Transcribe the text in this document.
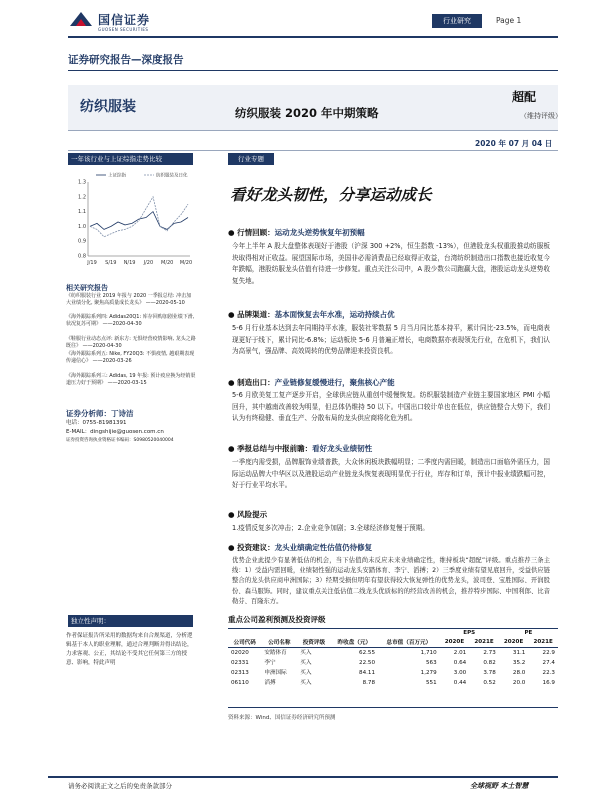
国信证券
GUOSEN SECURITIES
行业研究	Page 1
证券研究报告—深度报告
纺织服装	纺织服装 2020 年中期策略
超配
（维持评级）
2020 年 07 月 04 日
一年该行业与上证综指走势比较
0.8
0.9
1.0
1.1
1.2
1.3
J/19 S/19 N/19 J/20 M/20 M/20
上证综指	纺织服装及日化
相关研究报告
《纺织服装行业 2019 年报与 2020 一季报总结: 冲击加大业绩分化, 聚焦高质量成长龙头》 ——2020-05-10
《海外跟踪系列四: Adidas20Q1: 库存回购加剧业绩下滑, 状况复苏可期》 ——2020-04-30
《鞋服行业动态点评: 新东方: 无惧经营疫情影响, 龙头之路既往》 ——2020-04-30
《海外跟踪系列五: Nike, FY20Q3: 不惧疫情, 越艰期表现传递信心》 ——2020-03-26
《海外跟踪系列三: Adidas, 19 年报: 预计疫应换为经销渠道压力好于预期》 ——2020-03-15
证券分析师：丁诗洁
电话：0755-81981391
E-MAIL：dingshijie@guosen.com.cn
证券投资咨询执业资格证书编码：S0980520040004
独立性声明：
作者保证报告所采用的数据均来自合规渠道，分析逻辑基于本人的职业理解，通过合理判断并得出结论，力求客观、公正，其结论不受其它任何第三方的授意、影响，特此声明
行业专题
看好龙头韧性，分享运动成长
● 行情回顾：运动龙头逆势恢复年初预幅
今年上半年 A 股大盘整体表现好于港股（沪深 300 +2%，恒生指数 -13%），但港股龙头权重股推动纺服板块取得相对正收益。展望国际市场，美国非必需消费品已经取得正收益，台湾纺织制造出口指数也接近收复今年跌幅，港股纺服龙头估值有待进一步修复。重点关注公司中，A 股少数公司跑赢大盘，港股运动龙头逆势收复失地。
● 品牌渠道：基本面恢复去年水准，运动持续占优
5-6 月行业基本达到去年同期持平水准，服装社零数据 5 月当月同比基本持平，累计同比-23.5%，而电商表现更好于线下，累计同比-6.8%；运动板块 5-6 月普遍正增长，电商数据亦表现领先行业，在危机下，我们认为高景气，强品牌、高效周转的优势品牌迎来投资良机。
● 制造出口：产业链修复缓慢进行，聚焦核心产能
5-6 月欧美复工复产逐步开启，全球供应链从重创中缓慢恢复。纺织服装制造产业链主要国家地区 PMI 小幅回升，其中越南改善较为明显，但总体仍维持 50 以下。中国出口较计单也在低位，供应链整合大势下，我们认为有终稳健、垂直生产、分散布局的龙头供应商将化危为机。
● 季报总结与中报前瞻：看好龙头业绩韧性
一季度内需受损，品牌服饰业绩普跌，大众休闲板块跌幅明显；二季度内需回暖，制造出口面临外需压力，国际运动品牌大中华区以及港股运动产业链龙头恢复表现明显优于行业，库存和订单，预计中报业绩跌幅可控，好于行业平均水平。
● 风险提示
1.疫情反复多次冲击；2.企业竞争加剧；3.全球经济修复慢于预期。
● 投资建议：龙头业绩确定性估值仍待修复
优势企业此提少有显著低估的机会，当下估值尚未反应未来业绩确定性，维持板块“超配”评级。重点推荐三条主线：1）受益内需回暖，业绩韧性强的运动龙头安踏体育、李宁、滔搏；2）三季度业绩有望见底回升，受益供应链整合的龙头供应商申洲国际；3）经期受损但明年有望获得较大恢复弹性的优势龙头，波司登、宝胜国际、开润股份、森马服饰。同时，建议重点关注低估值二线龙头优质标的的经营改善的机会，推荐特步国际、中国利郎、比音勒芬、百隆东方。
重点公司盈利预测及投资评级
					EPS		PE	
公司代码	公司名称	投资评级	昨收盘（元）	总市值（百万元）	2020E	2021E	2020E	2021E
02020	安踏体育	买入	62.55	1,710	2.01	2.73	31.1	22.9
02331	李宁	买入	22.50	563	0.64	0.82	35.2	27.4
02313	申洲国际	买入	84.11	1,279	3.00	3.78	28.0	22.3
06110	滔搏	买入	8.78	551	0.44	0.52	20.0	16.9
资料来源：Wind、国信证券经济研究所预测
请务必阅读正文之后的免责条款部分	全球视野 本土智慧
